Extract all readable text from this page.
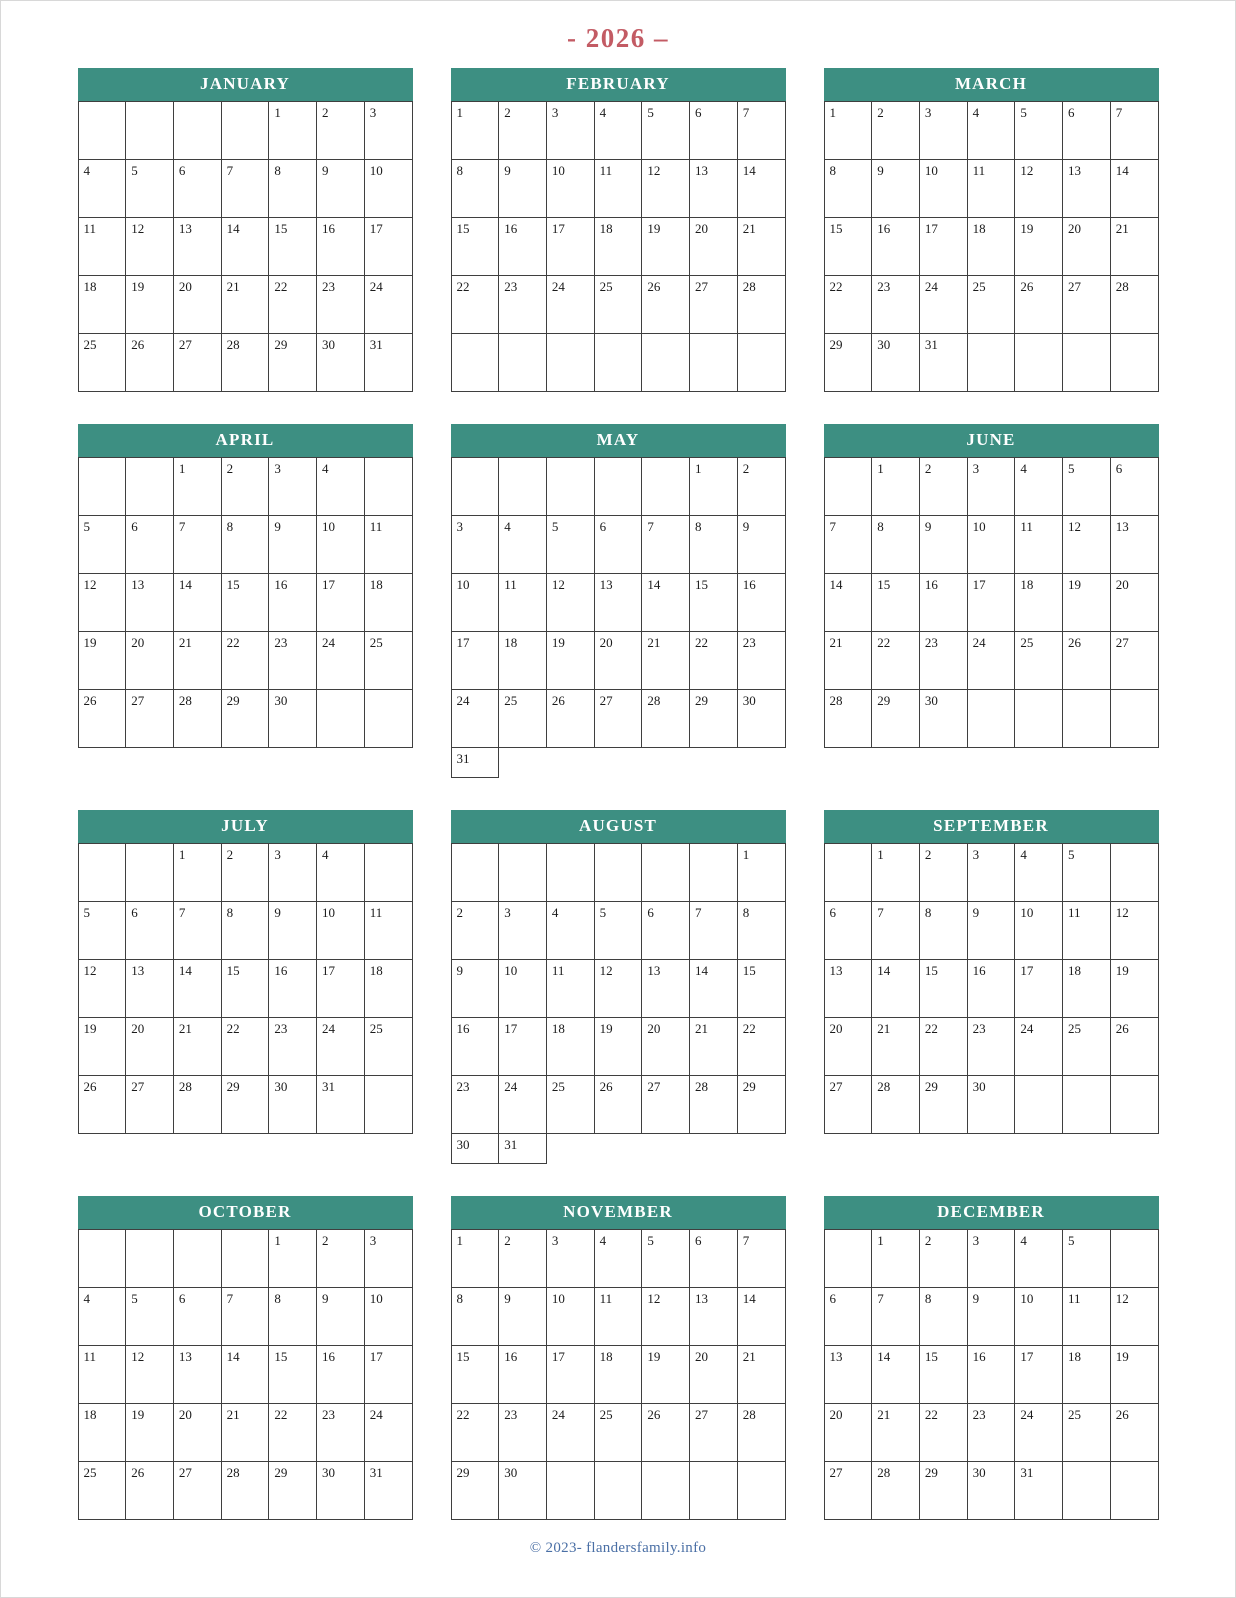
- 2026 –
JANUARY
				1	2	3
4	5	6	7	8	9	10
11	12	13	14	15	16	17
18	19	20	21	22	23	24
25	26	27	28	29	30	31
FEBRUARY
1	2	3	4	5	6	7
8	9	10	11	12	13	14
15	16	17	18	19	20	21
22	23	24	25	26	27	28

MARCH
1	2	3	4	5	6	7
8	9	10	11	12	13	14
15	16	17	18	19	20	21
22	23	24	25	26	27	28
29	30	31				
APRIL
		1	2	3	4	
5	6	7	8	9	10	11
12	13	14	15	16	17	18
19	20	21	22	23	24	25
26	27	28	29	30		
MAY
					1	2
3	4	5	6	7	8	9
10	11	12	13	14	15	16
17	18	19	20	21	22	23
24	25	26	27	28	29	30
31						
JUNE
	1	2	3	4	5	6
7	8	9	10	11	12	13
14	15	16	17	18	19	20
21	22	23	24	25	26	27
28	29	30				
JULY
		1	2	3	4	
5	6	7	8	9	10	11
12	13	14	15	16	17	18
19	20	21	22	23	24	25
26	27	28	29	30	31	
AUGUST
						1
2	3	4	5	6	7	8
9	10	11	12	13	14	15
16	17	18	19	20	21	22
23	24	25	26	27	28	29
30	31					
SEPTEMBER
	1	2	3	4	5	
6	7	8	9	10	11	12
13	14	15	16	17	18	19
20	21	22	23	24	25	26
27	28	29	30			
OCTOBER
				1	2	3
4	5	6	7	8	9	10
11	12	13	14	15	16	17
18	19	20	21	22	23	24
25	26	27	28	29	30	31
NOVEMBER
1	2	3	4	5	6	7
8	9	10	11	12	13	14
15	16	17	18	19	20	21
22	23	24	25	26	27	28
29	30					
DECEMBER
	1	2	3	4	5	
6	7	8	9	10	11	12
13	14	15	16	17	18	19
20	21	22	23	24	25	26
27	28	29	30	31		
© 2023- flandersfamily.info
